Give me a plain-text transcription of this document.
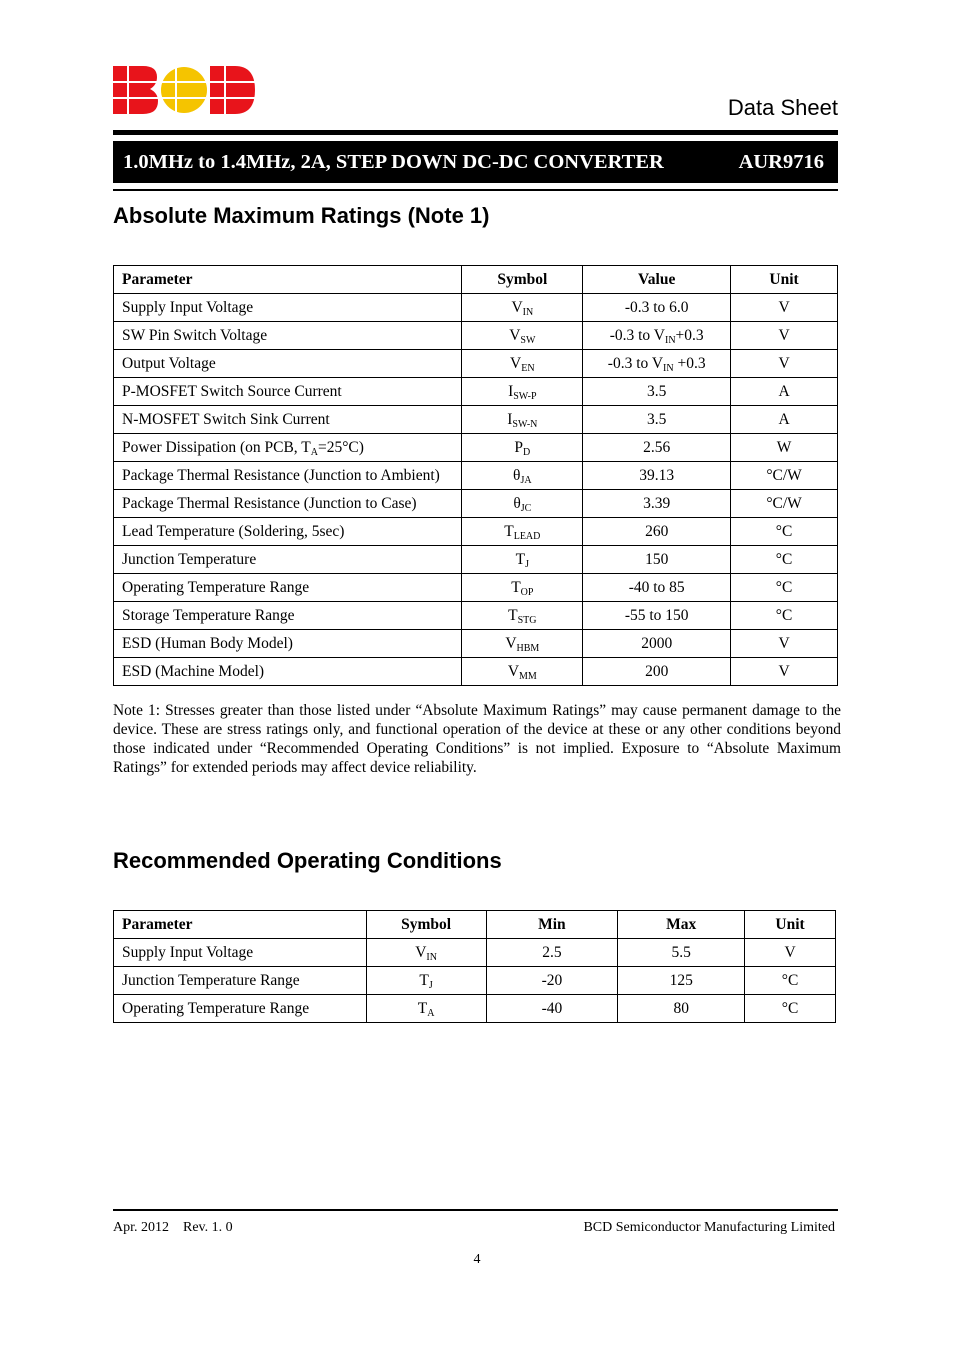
Data Sheet
1.0MHz to 1.4MHz, 2A, STEP DOWN DC-DC CONVERTER	AUR9716
Absolute Maximum Ratings (Note 1)
Parameter	Symbol	Value	Unit
Supply Input Voltage	$V_{IN}$	-0.3 to 6.0	V
SW Pin Switch Voltage	$V_{SW}$	-0.3 to $V_{IN}+0.3$	V
Output Voltage	$V_{EN}$	-0.3 to $V_{IN} +0.3$	V
P-MOSFET Switch Source Current	$I_{SW-P}$	3.5	A
N-MOSFET Switch Sink Current	$I_{SW-N}$	3.5	A
Power Dissipation (on PCB, $T_A=25^\circ C$)	$P_D$	2.56	W
Package Thermal Resistance (Junction to Ambient)	$\theta_{JA}$	39.13	°C/W
Package Thermal Resistance (Junction to Case)	$\theta_{JC}$	3.39	°C/W
Lead Temperature (Soldering, 5sec)	$T_{LEAD}$	260	°C
Junction Temperature	$T_J$	150	°C
Operating Temperature Range	$T_{OP}$	-40 to 85	°C
Storage Temperature Range	$T_{STG}$	-55 to 150	°C
ESD (Human Body Model)	$V_{HBM}$	2000	V
ESD (Machine Model)	$V_{MM}$	200	V
Note 1: Stresses greater than those listed under “Absolute Maximum Ratings” may cause permanent damage to the device. These are stress ratings only, and functional operation of the device at these or any other conditions beyond those indicated under “Recommended Operating Conditions” is not implied. Exposure to “Absolute Maximum Ratings” for extended periods may affect device reliability.
Recommended Operating Conditions
Parameter	Symbol	Min	Max	Unit
Supply Input Voltage	$V_{IN}$	2.5	5.5	V
Junction Temperature Range	$T_J$	-20	125	°C
Operating Temperature Range	$T_A$	-40	80	°C
Apr. 2012    Rev. 1. 0	BCD Semiconductor Manufacturing Limited
4
